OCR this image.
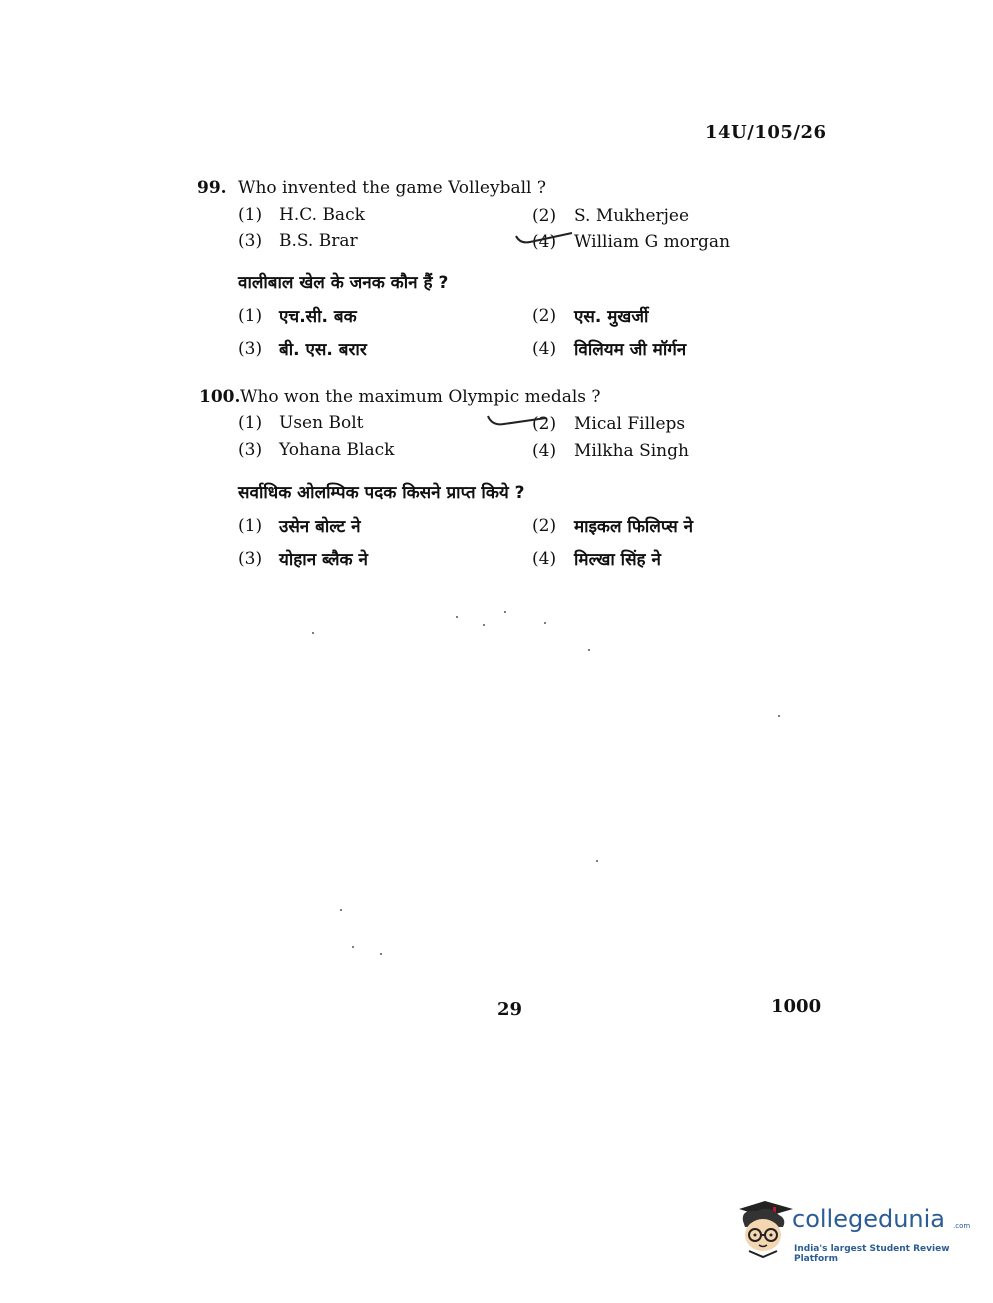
14U/105/26
99. Who invented the game Volleyball ?
(1) H.C. Back	(2) S. Mukherjee
(3) B.S. Brar	(4) William G morgan
वालीबाल खेल के जनक कौन हैं ?
(1) एच.सी. बक	(2) एस. मुखर्जी
(3) बी. एस. बरार	(4) विलियम जी मॉर्गन
100. Who won the maximum Olympic medals ?
(1) Usen Bolt	(2) Mical Filleps
(3) Yohana Black	(4) Milkha Singh
सर्वाधिक ओलम्पिक पदक किसने प्राप्त किये ?
(1) उसेन बोल्ट ने	(2) माइकल फिलिप्स ने
(3) योहान ब्लैक ने	(4) मिल्खा सिंह ने
29	1000
collegedunia .com
India's largest Student Review Platform
